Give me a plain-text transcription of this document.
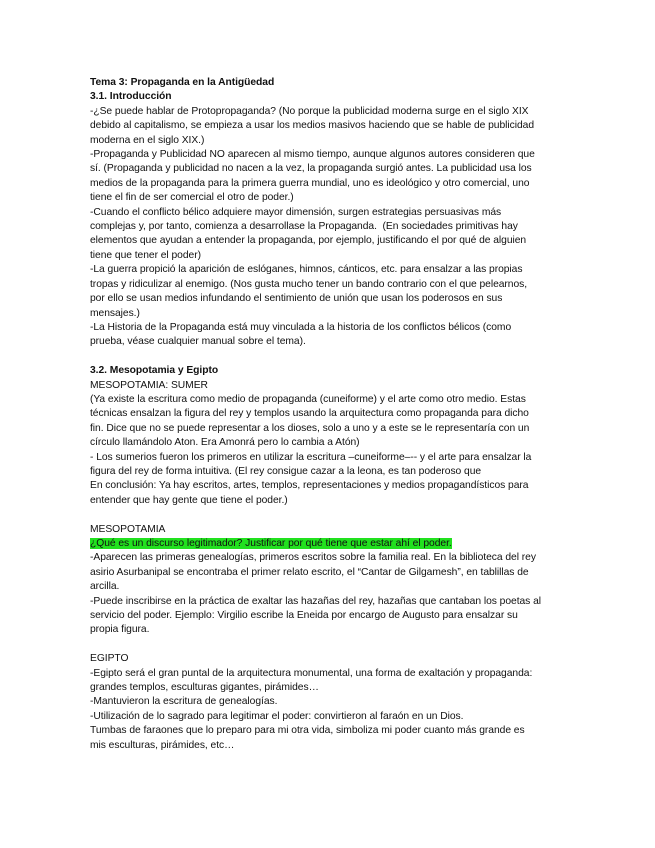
Tema 3: Propaganda en la Antigüedad

3.1. Introducción

-¿Se puede hablar de Protopropaganda? (No porque la publicidad moderna surge en el siglo XIX

debido al capitalismo, se empieza a usar los medios masivos haciendo que se hable de publicidad

moderna en el siglo XIX.)

-Propaganda y Publicidad NO aparecen al mismo tiempo, aunque algunos autores consideren que

sí. (Propaganda y publicidad no nacen a la vez, la propaganda surgió antes. La publicidad usa los

medios de la propaganda para la primera guerra mundial, uno es ideológico y otro comercial, uno

tiene el fin de ser comercial el otro de poder.)

-Cuando el conflicto bélico adquiere mayor dimensión, surgen estrategias persuasivas más

complejas y, por tanto, comienza a desarrollase la Propaganda.  (En sociedades primitivas hay

elementos que ayudan a entender la propaganda, por ejemplo, justificando el por qué de alguien

tiene que tener el poder)

-La guerra propició la aparición de eslóganes, himnos, cánticos, etc. para ensalzar a las propias

tropas y ridiculizar al enemigo. (Nos gusta mucho tener un bando contrario con el que pelearnos,

por ello se usan medios infundando el sentimiento de unión que usan los poderosos en sus

mensajes.)

-La Historia de la Propaganda está muy vinculada a la historia de los conflictos bélicos (como

prueba, véase cualquier manual sobre el tema).

3.2. Mesopotamia y Egipto

MESOPOTAMIA: SUMER

(Ya existe la escritura como medio de propaganda (cuneiforme) y el arte como otro medio. Estas

técnicas ensalzan la figura del rey y templos usando la arquitectura como propaganda para dicho

fin. Dice que no se puede representar a los dioses, solo a uno y a este se le representaría con un

círculo llamándolo Aton. Era Amonrá pero lo cambia a Atón)

- Los sumerios fueron los primeros en utilizar la escritura –cuneiforme–-- y el arte para ensalzar la

figura del rey de forma intuitiva. (El rey consigue cazar a la leona, es tan poderoso que

En conclusión: Ya hay escritos, artes, templos, representaciones y medios propagandísticos para

entender que hay gente que tiene el poder.)

MESOPOTAMIA

¿Qué es un discurso legitimador? Justificar por qué tiene que estar ahí el poder.

-Aparecen las primeras genealogías, primeros escritos sobre la familia real. En la biblioteca del rey

asirio Asurbanipal se encontraba el primer relato escrito, el “Cantar de Gilgamesh”, en tablillas de

arcilla.

-Puede inscribirse en la práctica de exaltar las hazañas del rey, hazañas que cantaban los poetas al

servicio del poder. Ejemplo: Virgilio escribe la Eneida por encargo de Augusto para ensalzar su

propia figura.

EGIPTO

-Egipto será el gran puntal de la arquitectura monumental, una forma de exaltación y propaganda:

grandes templos, esculturas gigantes, pirámides…

-Mantuvieron la escritura de genealogías.

-Utilización de lo sagrado para legitimar el poder: convirtieron al faraón en un Dios.

Tumbas de faraones que lo preparo para mi otra vida, simboliza mi poder cuanto más grande es

mis esculturas, pirámides, etc…
